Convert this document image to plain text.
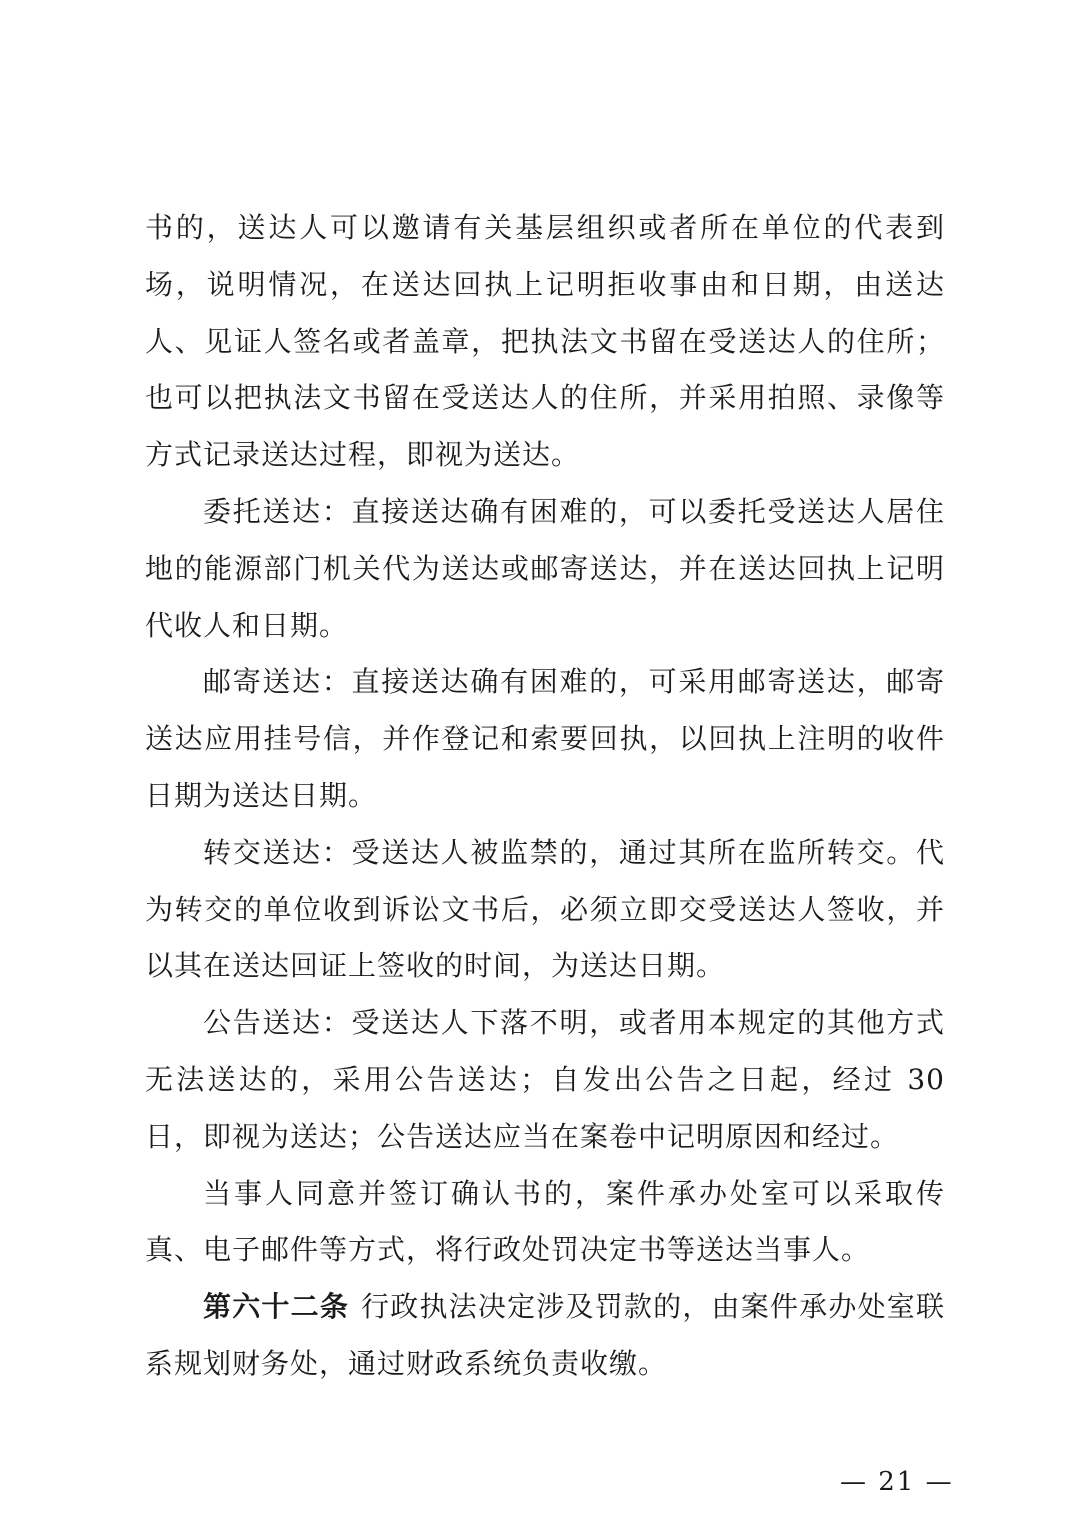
书的，送达人可以邀请有关基层组织或者所在单位的代表到场，说明情况，在送达回执上记明拒收事由和日期，由送达人、见证人签名或者盖章，把执法文书留在受送达人的住所；也可以把执法文书留在受送达人的住所，并采用拍照、录像等方式记录送达过程，即视为送达。

委托送达：直接送达确有困难的，可以委托受送达人居住地的能源部门机关代为送达或邮寄送达，并在送达回执上记明代收人和日期。

邮寄送达：直接送达确有困难的，可采用邮寄送达，邮寄送达应用挂号信，并作登记和索要回执，以回执上注明的收件日期为送达日期。

转交送达：受送达人被监禁的，通过其所在监所转交。代为转交的单位收到诉讼文书后，必须立即交受送达人签收，并以其在送达回证上签收的时间，为送达日期。

公告送达：受送达人下落不明，或者用本规定的其他方式无法送达的，采用公告送达；自发出公告之日起，经过 30 日，即视为送达；公告送达应当在案卷中记明原因和经过。

当事人同意并签订确认书的，案件承办处室可以采取传真、电子邮件等方式，将行政处罚决定书等送达当事人。

第六十二条 行政执法决定涉及罚款的，由案件承办处室联系规划财务处，通过财政系统负责收缴。

— 21 —
